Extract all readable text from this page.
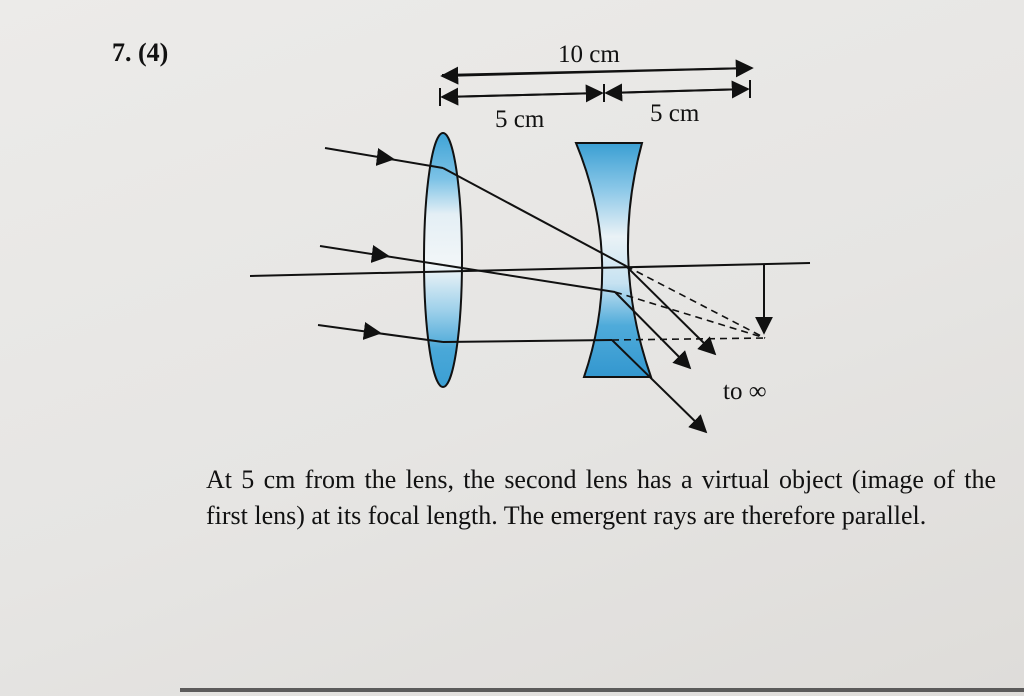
7. (4)	10 cm
5 cm	5 cm
to ∞
At 5 cm from the lens, the second lens has a virtual object (image of the first lens) at its focal length. The emergent rays are therefore parallel.
